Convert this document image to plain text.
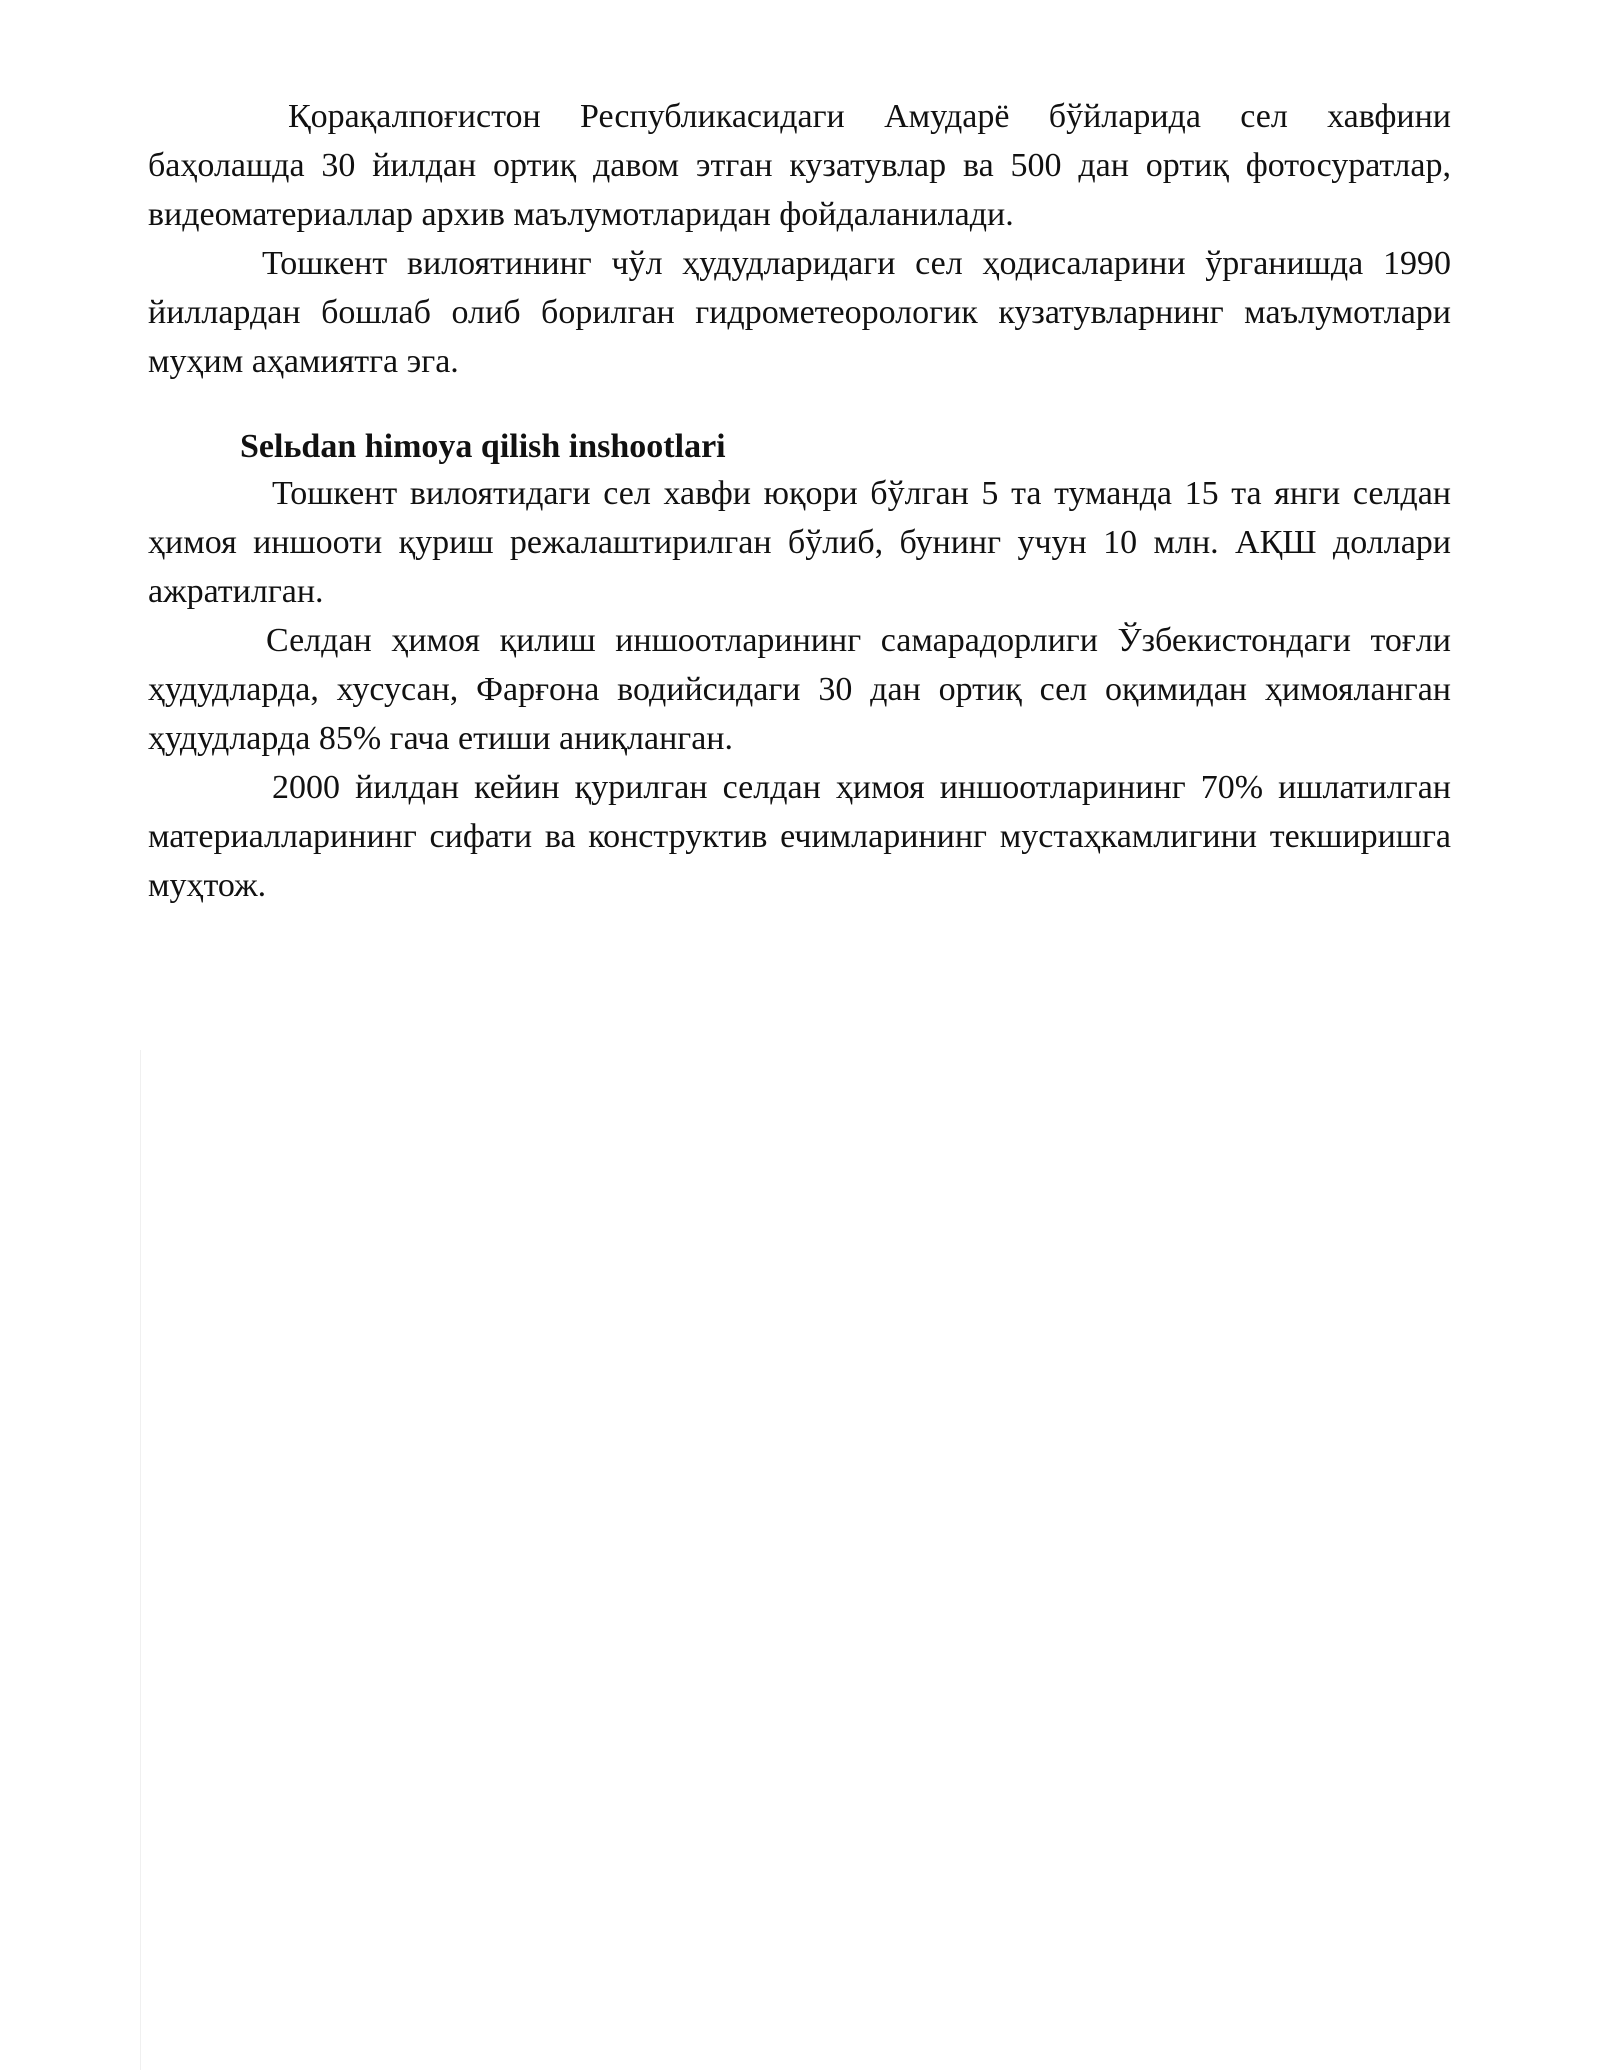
Қорақалпоғистон Республикасидаги Амударё бўйларида сел хавфини баҳолашда 30 йилдан ортиқ давом этган кузатувлар ва 500 дан ортиқ фотосуратлар, видеоматериаллар архив маълумотларидан фойдаланилади.

Тошкент вилоятининг чўл ҳудудларидаги сел ҳодисаларини ўрганишда 1990 йиллардан бошлаб олиб борилган гидрометеорологик кузатувларнинг маълумотлари муҳим аҳамиятга эга.

Selьdan himoya qilish inshootlari

Тошкент вилоятидаги сел хавфи юқори бўлган 5 та туманда 15 та янги селдан ҳимоя иншооти қуриш режалаштирилган бўлиб, бунинг учун 10 млн. АҚШ доллари ажратилган.

Селдан ҳимоя қилиш иншоотларининг самарадорлиги Ўзбекистондаги тоғли ҳудудларда, хусусан, Фарғона водийсидаги 30 дан ортиқ сел оқимидан ҳимояланган ҳудудларда 85% гача етиши аниқланган.

2000 йилдан кейин қурилган селдан ҳимоя иншоотларининг 70% ишлатилган материалларининг сифати ва конструктив ечимларининг мустаҳкамлигини текширишга муҳтож.
